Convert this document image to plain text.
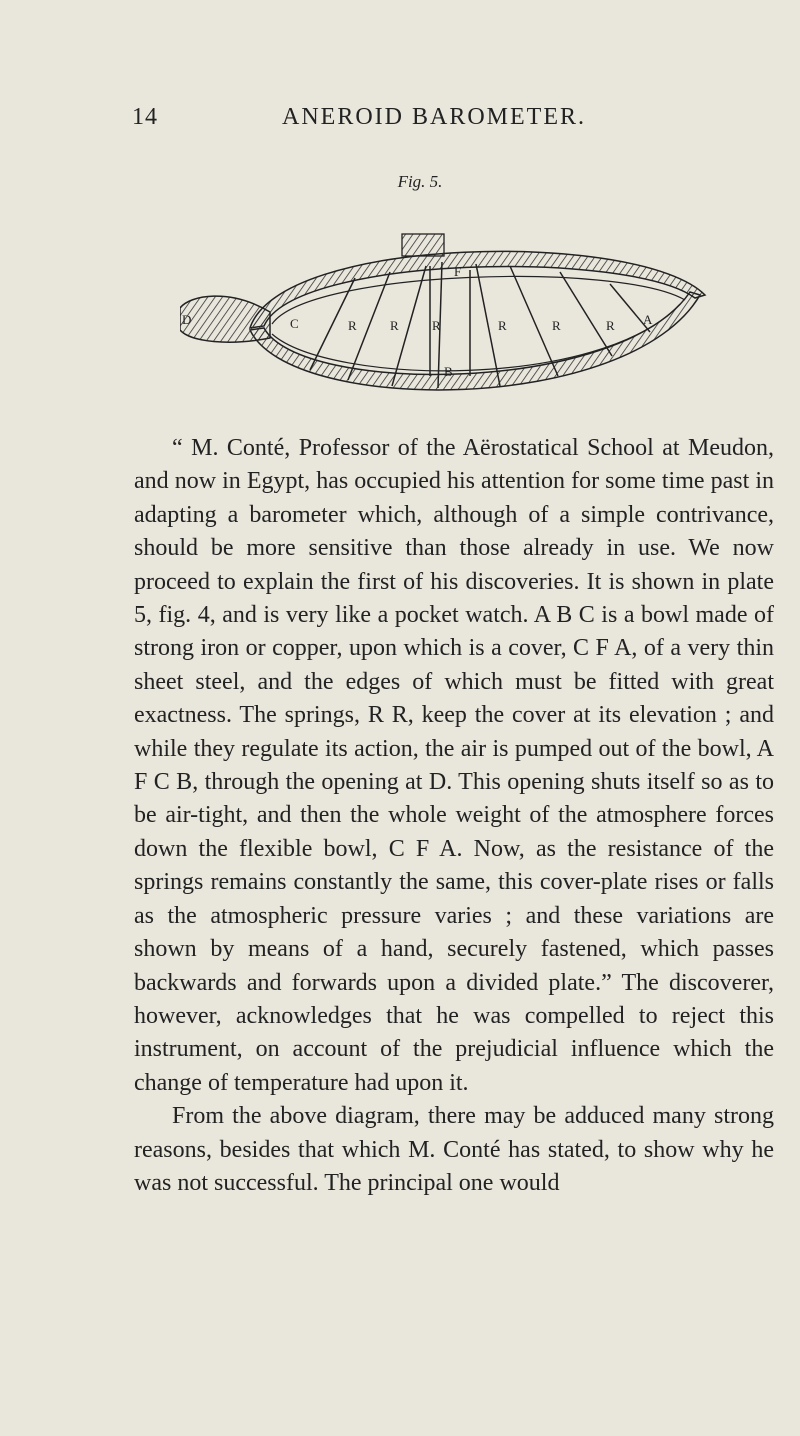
14	ANEROID BAROMETER.
Fig. 5.
D	C	R	R	R	R	R	R
F
A
B

“ M. Conté, Professor of the Aërostatical School at Meudon, and now in Egypt, has occupied his attention for some time past in adapting a barometer which, although of a simple contrivance, should be more sensitive than those already in use. We now proceed to explain the first of his discoveries. It is shown in plate 5, fig. 4, and is very like a pocket watch. A B C is a bowl made of strong iron or copper, upon which is a cover, C F A, of a very thin sheet steel, and the edges of which must be fitted with great exactness. The springs, R R, keep the cover at its elevation ; and while they regulate its action, the air is pumped out of the bowl, A F C B, through the opening at D. This opening shuts itself so as to be air-tight, and then the whole weight of the atmosphere forces down the flexible bowl, C F A. Now, as the resistance of the springs remains constantly the same, this cover-plate rises or falls as the atmospheric pressure varies ; and these variations are shown by means of a hand, securely fastened, which passes backwards and forwards upon a divided plate.” The discoverer, however, acknowledges that he was compelled to reject this instrument, on account of the prejudicial influence which the change of temperature had upon it.

From the above diagram, there may be adduced many strong reasons, besides that which M. Conté has stated, to show why he was not successful. The principal one would
